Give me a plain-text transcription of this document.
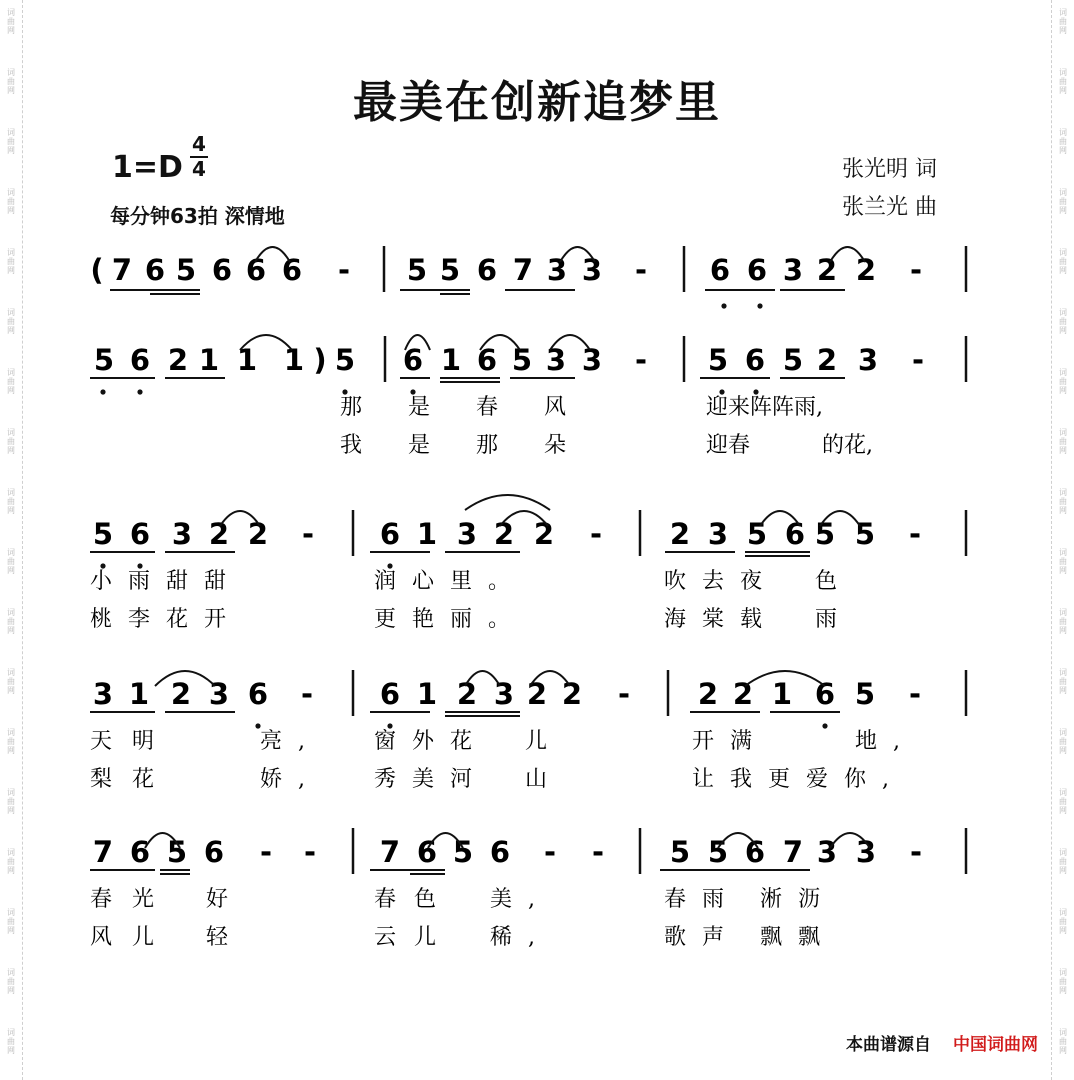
词
曲
网
词
曲
网
词
曲
网
词
曲
网
词
曲
网
词
曲
网
词
曲
网
词
曲
网
词
曲
网
词
曲
网
词
曲
网
词
曲
网
词
曲
网
词
曲
网
词
曲
网
词
曲
网
词
曲
网
词
曲
网
词
曲
网
词
曲
网
词
曲
网
词
曲
网
词
曲
网
词
曲
网
词
曲
网
词
曲
网
词
曲
网
词
曲
网
词
曲
网
词
曲
网
词
曲
网
词
曲
网
词
曲
网
词
曲
网
词
曲
网
词
曲
网
最美在创新追梦里
1=D
4
4
每分钟63拍 深情地
张光明 词
张兰光 曲
( 7 6 5 6 6 6 - 5 5 6 7 3 3 - 6 6 3 2 2 -
5 6 2 1 1 1 ) 5 6 1 6 5 3 3 - 5 6 5 2 3 -
那 是 春 风	迎来阵阵雨,
我 是 那 朵	迎春	的花,
5 6 3 2 2 - 6 1 3 2 2 - 2 3 5 6 5 5 -
小雨甜甜	润心里。	吹去夜 色
桃李花开	更艳丽。	海棠载 雨
3 1 2 3 6 - 6 1 2 3 2 2 - 2 2 1 6 5 -
天 明	亮, 窗外花 儿	开满	地,
梨 花	娇, 秀美河 山	让我更爱你,
7 6 5 6 - - 7 6 5 6 - - 5 5 6 7 3 3 -
春 光 好	春色 美,	春雨 淅沥
风 儿 轻	云儿 稀,	歌声 飘飘
本曲谱源自 中国词曲网
